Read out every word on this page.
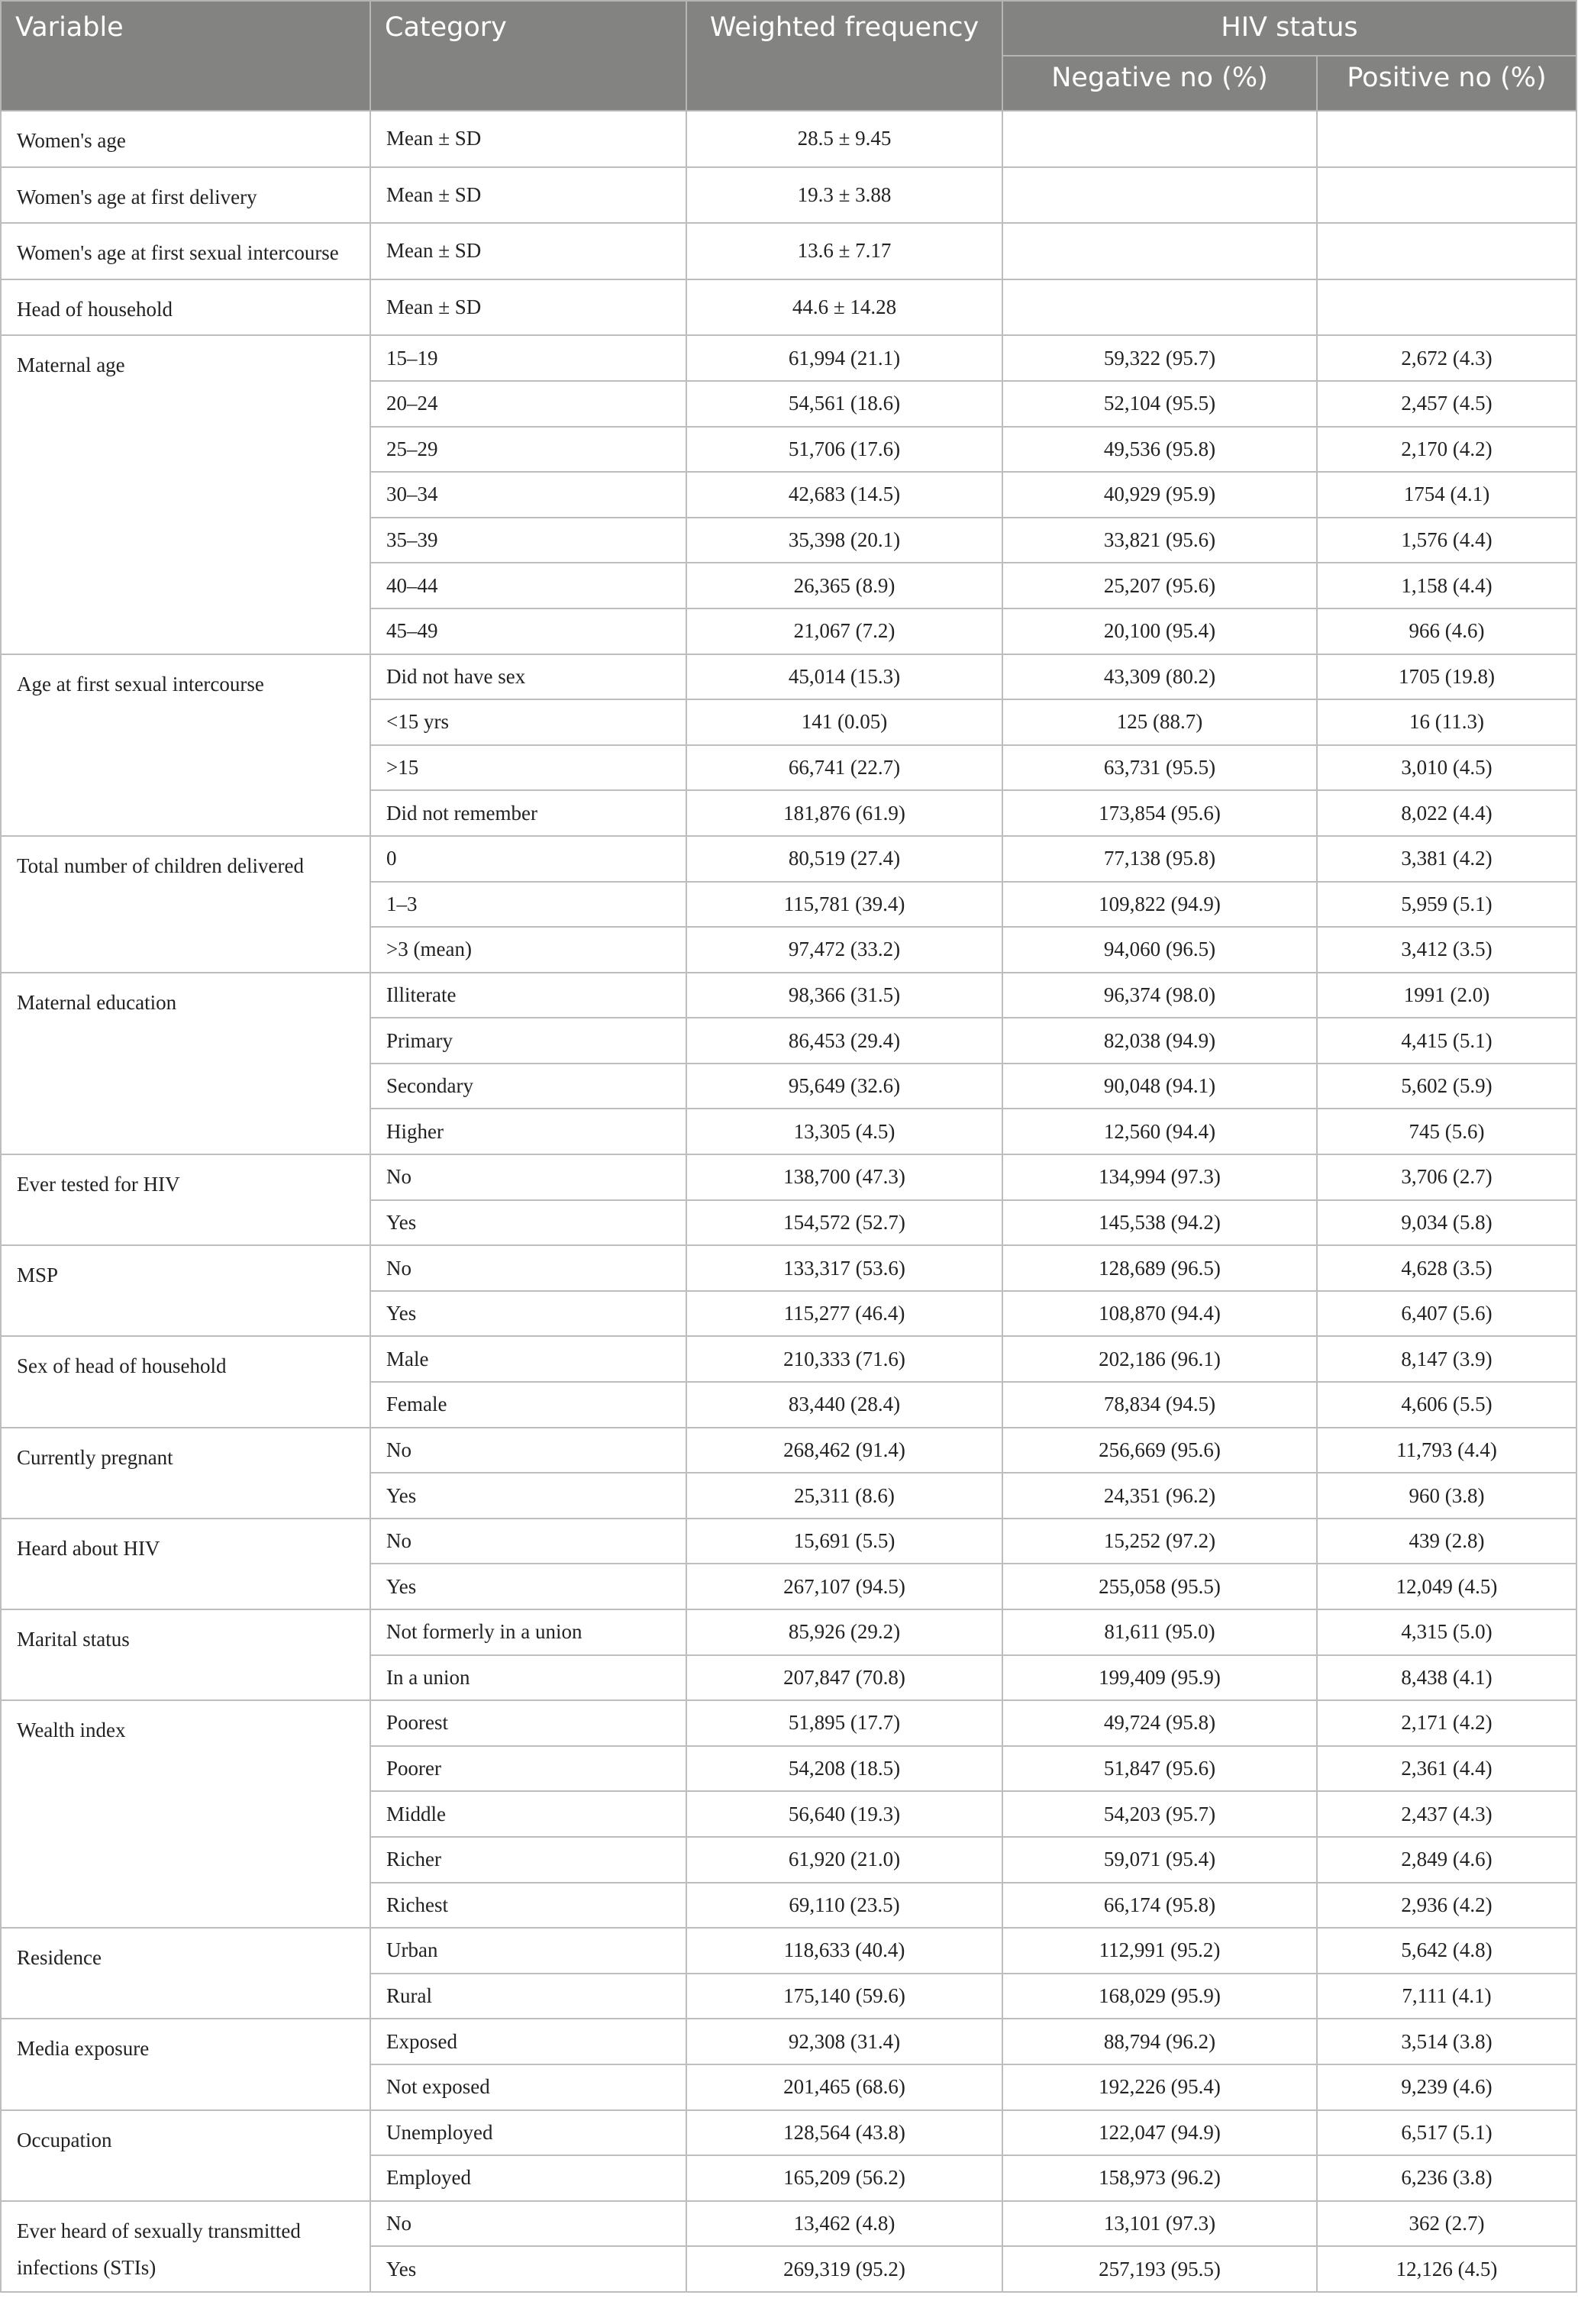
Variable	Category	Weighted frequency	HIV status	
			Negative no (%)	Positive no (%)
Women's age	Mean ± SD	28.5 ± 9.45		
Women's age at first delivery	Mean ± SD	19.3 ± 3.88		
Women's age at first sexual intercourse	Mean ± SD	13.6 ± 7.17		
Head of household	Mean ± SD	44.6 ± 14.28		
Maternal age	15–19	61,994 (21.1)	59,322 (95.7)	2,672 (4.3)
	20–24	54,561 (18.6)	52,104 (95.5)	2,457 (4.5)
	25–29	51,706 (17.6)	49,536 (95.8)	2,170 (4.2)
	30–34	42,683 (14.5)	40,929 (95.9)	1754 (4.1)
	35–39	35,398 (20.1)	33,821 (95.6)	1,576 (4.4)
	40–44	26,365 (8.9)	25,207 (95.6)	1,158 (4.4)
	45–49	21,067 (7.2)	20,100 (95.4)	966 (4.6)
Age at first sexual intercourse	Did not have sex	45,014 (15.3)	43,309 (80.2)	1705 (19.8)
	<15 yrs	141 (0.05)	125 (88.7)	16 (11.3)
	>15	66,741 (22.7)	63,731 (95.5)	3,010 (4.5)
	Did not remember	181,876 (61.9)	173,854 (95.6)	8,022 (4.4)
Total number of children delivered	0	80,519 (27.4)	77,138 (95.8)	3,381 (4.2)
	1–3	115,781 (39.4)	109,822 (94.9)	5,959 (5.1)
	>3 (mean)	97,472 (33.2)	94,060 (96.5)	3,412 (3.5)
Maternal education	Illiterate	98,366 (31.5)	96,374 (98.0)	1991 (2.0)
	Primary	86,453 (29.4)	82,038 (94.9)	4,415 (5.1)
	Secondary	95,649 (32.6)	90,048 (94.1)	5,602 (5.9)
	Higher	13,305 (4.5)	12,560 (94.4)	745 (5.6)
Ever tested for HIV	No	138,700 (47.3)	134,994 (97.3)	3,706 (2.7)
	Yes	154,572 (52.7)	145,538 (94.2)	9,034 (5.8)
MSP	No	133,317 (53.6)	128,689 (96.5)	4,628 (3.5)
	Yes	115,277 (46.4)	108,870 (94.4)	6,407 (5.6)
Sex of head of household	Male	210,333 (71.6)	202,186 (96.1)	8,147 (3.9)
	Female	83,440 (28.4)	78,834 (94.5)	4,606 (5.5)
Currently pregnant	No	268,462 (91.4)	256,669 (95.6)	11,793 (4.4)
	Yes	25,311 (8.6)	24,351 (96.2)	960 (3.8)
Heard about HIV	No	15,691 (5.5)	15,252 (97.2)	439 (2.8)
	Yes	267,107 (94.5)	255,058 (95.5)	12,049 (4.5)
Marital status	Not formerly in a union	85,926 (29.2)	81,611 (95.0)	4,315 (5.0)
	In a union	207,847 (70.8)	199,409 (95.9)	8,438 (4.1)
Wealth index	Poorest	51,895 (17.7)	49,724 (95.8)	2,171 (4.2)
	Poorer	54,208 (18.5)	51,847 (95.6)	2,361 (4.4)
	Middle	56,640 (19.3)	54,203 (95.7)	2,437 (4.3)
	Richer	61,920 (21.0)	59,071 (95.4)	2,849 (4.6)
	Richest	69,110 (23.5)	66,174 (95.8)	2,936 (4.2)
Residence	Urban	118,633 (40.4)	112,991 (95.2)	5,642 (4.8)
	Rural	175,140 (59.6)	168,029 (95.9)	7,111 (4.1)
Media exposure	Exposed	92,308 (31.4)	88,794 (96.2)	3,514 (3.8)
	Not exposed	201,465 (68.6)	192,226 (95.4)	9,239 (4.6)
Occupation	Unemployed	128,564 (43.8)	122,047 (94.9)	6,517 (5.1)
	Employed	165,209 (56.2)	158,973 (96.2)	6,236 (3.8)
Ever heard of sexually transmitted infections (STIs)	No	13,462 (4.8)	13,101 (97.3)	362 (2.7)
	Yes	269,319 (95.2)	257,193 (95.5)	12,126 (4.5)
